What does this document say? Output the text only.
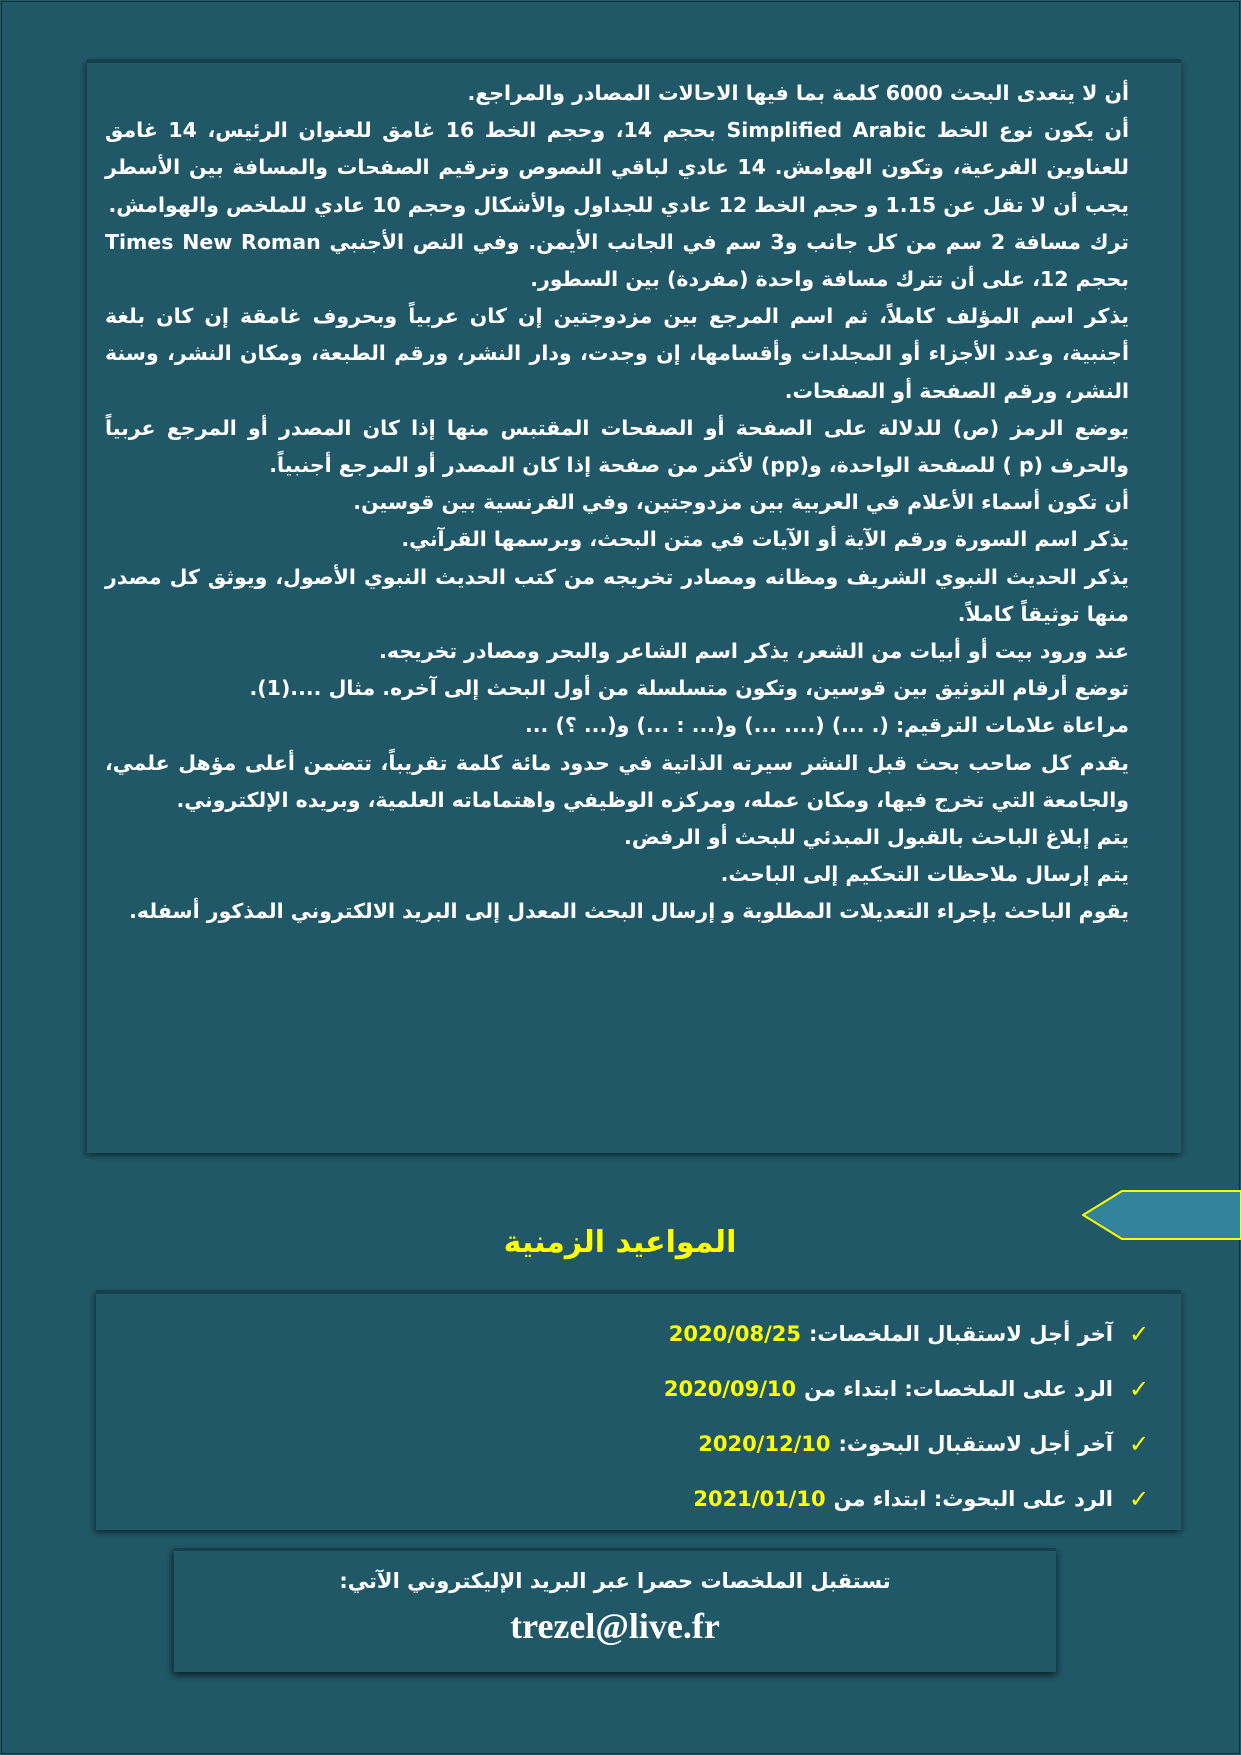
أن لا يتعدى البحث 6000 كلمة بما فيها الاحالات المصادر والمراجع.
أن يكون نوع الخط Simplified Arabic بحجم 14، وحجم الخط 16 غامق للعنوان الرئيس، 14 غامق للعناوين الفرعية، وتكون الهوامش. 14 عادي لباقي النصوص وترقيم الصفحات والمسافة بين الأسطر يجب أن لا تقل عن 1.15 و حجم الخط 12 عادي للجداول والأشكال وحجم 10 عادي للملخص والهوامش.
ترك مسافة 2 سم من كل جانب و3 سم في الجانب الأيمن. وفي النص الأجنبي Times New Roman بحجم 12، على أن تترك مسافة واحدة (مفردة) بين السطور.
يذكر اسم المؤلف كاملاً، ثم اسم المرجع بين مزدوجتين إن كان عربياً وبحروف غامقة إن كان بلغة أجنبية، وعدد الأجزاء أو المجلدات وأقسامها، إن وجدت، ودار النشر، ورقم الطبعة، ومكان النشر، وسنة النشر، ورقم الصفحة أو الصفحات.
يوضع الرمز (ص) للدلالة على الصفحة أو الصفحات المقتبس منها إذا كان المصدر أو المرجع عربياً والحرف (p ) للصفحة الواحدة، و(pp) لأكثر من صفحة إذا كان المصدر أو المرجع أجنبياً.
أن تكون أسماء الأعلام في العربية بين مزدوجتين، وفي الفرنسية بين قوسين.
يذكر اسم السورة ورقم الآية أو الآيات في متن البحث، وبرسمها القرآني.
يذكر الحديث النبوي الشريف ومظانه ومصادر تخريجه من كتب الحديث النبوي الأصول، ويوثق كل مصدر منها توثيقاً كاملاً.
عند ورود بيت أو أبيات من الشعر، يذكر اسم الشاعر والبحر ومصادر تخريجه.
توضع أرقام التوثيق بين قوسين، وتكون متسلسلة من أول البحث إلى آخره. مثال ....(1).
مراعاة علامات الترقيم: (. ...) (.... ...) و(... : ...) و(... ؟) ...
يقدم كل صاحب بحث قبل النشر سيرته الذاتية في حدود مائة كلمة تقريباً، تتضمن أعلى مؤهل علمي، والجامعة التي تخرج فيها، ومكان عمله، ومركزه الوظيفي واهتماماته العلمية، وبريده الإلكتروني.
يتم إبلاغ الباحث بالقبول المبدئي للبحث أو الرفض.
يتم إرسال ملاحظات التحكيم إلى الباحث.
يقوم الباحث بإجراء التعديلات المطلوبة و إرسال البحث المعدل إلى البريد الالكتروني المذكور أسفله.
المواعيد الزمنية
✓
آخر أجل لاستقبال الملخصات:
2020/08/25
✓
الرد على الملخصات: ابتداء من
2020/09/10
✓
آخر أجل لاستقبال البحوث:
2020/12/10
✓
الرد على البحوث: ابتداء من
2021/01/10
تستقبل الملخصات حصرا عبر البريد الإليكتروني الآتي:
trezel@live.fr
